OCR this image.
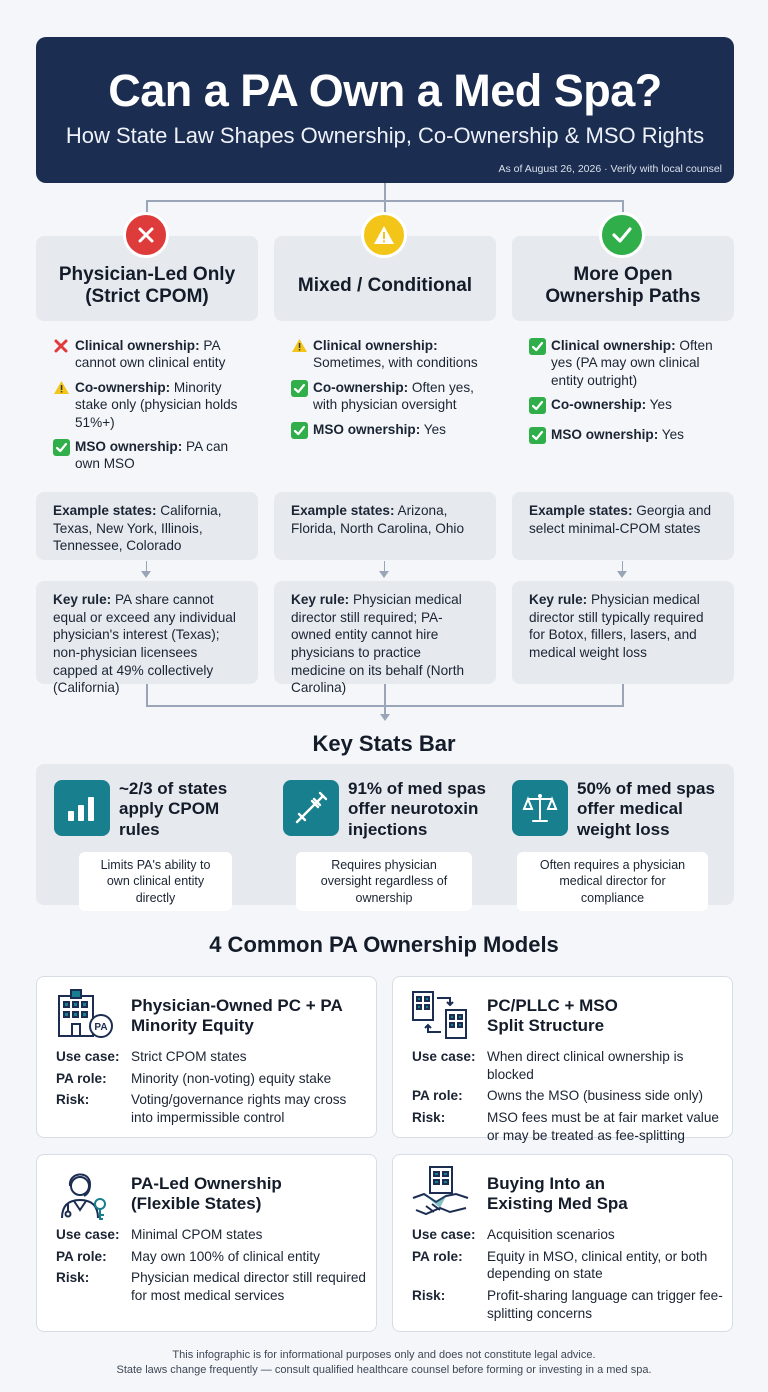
Can a PA Own a Med Spa?
How State Law Shapes Ownership, Co-Ownership & MSO Rights
As of August 26, 2026 · Verify with local counsel
Physician-Led Only
(Strict CPOM)
Mixed / Conditional
More Open
Ownership Paths
Clinical ownership: PA cannot own clinical entity
Co-ownership: Minority stake only (physician holds 51%+)
MSO ownership: PA can own MSO
Clinical ownership: Sometimes, with conditions
Co-ownership: Often yes, with physician oversight
MSO ownership: Yes
Clinical ownership: Often yes (PA may own clinical entity outright)
Co-ownership: Yes
MSO ownership: Yes
Example states: California, Texas, New York, Illinois, Tennessee, Colorado
Example states: Arizona, Florida, North Carolina, Ohio
Example states: Georgia and select minimal-CPOM states
Key rule: PA share cannot equal or exceed any individual physician's interest (Texas); non-physician licensees capped at 49% collectively (California)
Key rule: Physician medical director still required; PA-owned entity cannot hire physicians to practice medicine on its behalf (North Carolina)
Key rule: Physician medical director still typically required for Botox, fillers, lasers, and medical weight loss
Key Stats Bar
~2/3 of states apply CPOM rules
Limits PA's ability to own clinical entity directly
91% of med spas offer neurotoxin injections
Requires physician oversight regardless of ownership
50% of med spas offer medical weight loss
Often requires a physician medical director for compliance
4 Common PA Ownership Models
PA
Physician-Owned PC + PA Minority Equity
Use case: Strict CPOM states
PA role:	Minority (non-voting) equity stake
Risk:	Voting/governance rights may cross into impermissible control
PC/PLLC + MSO Split Structure
Use case: When direct clinical ownership is blocked
PA role:	Owns the MSO (business side only)
Risk:	MSO fees must be at fair market value or may be treated as fee-splitting
PA-Led Ownership (Flexible States)
Use case: Minimal CPOM states
PA role:	May own 100% of clinical entity
Risk:	Physician medical director still required for most medical services
Buying Into an Existing Med Spa
Use case: Acquisition scenarios
PA role:	Equity in MSO, clinical entity, or both depending on state
Risk:	Profit-sharing language can trigger fee-splitting concerns
This infographic is for informational purposes only and does not constitute legal advice.
State laws change frequently — consult qualified healthcare counsel before forming or investing in a med spa.
